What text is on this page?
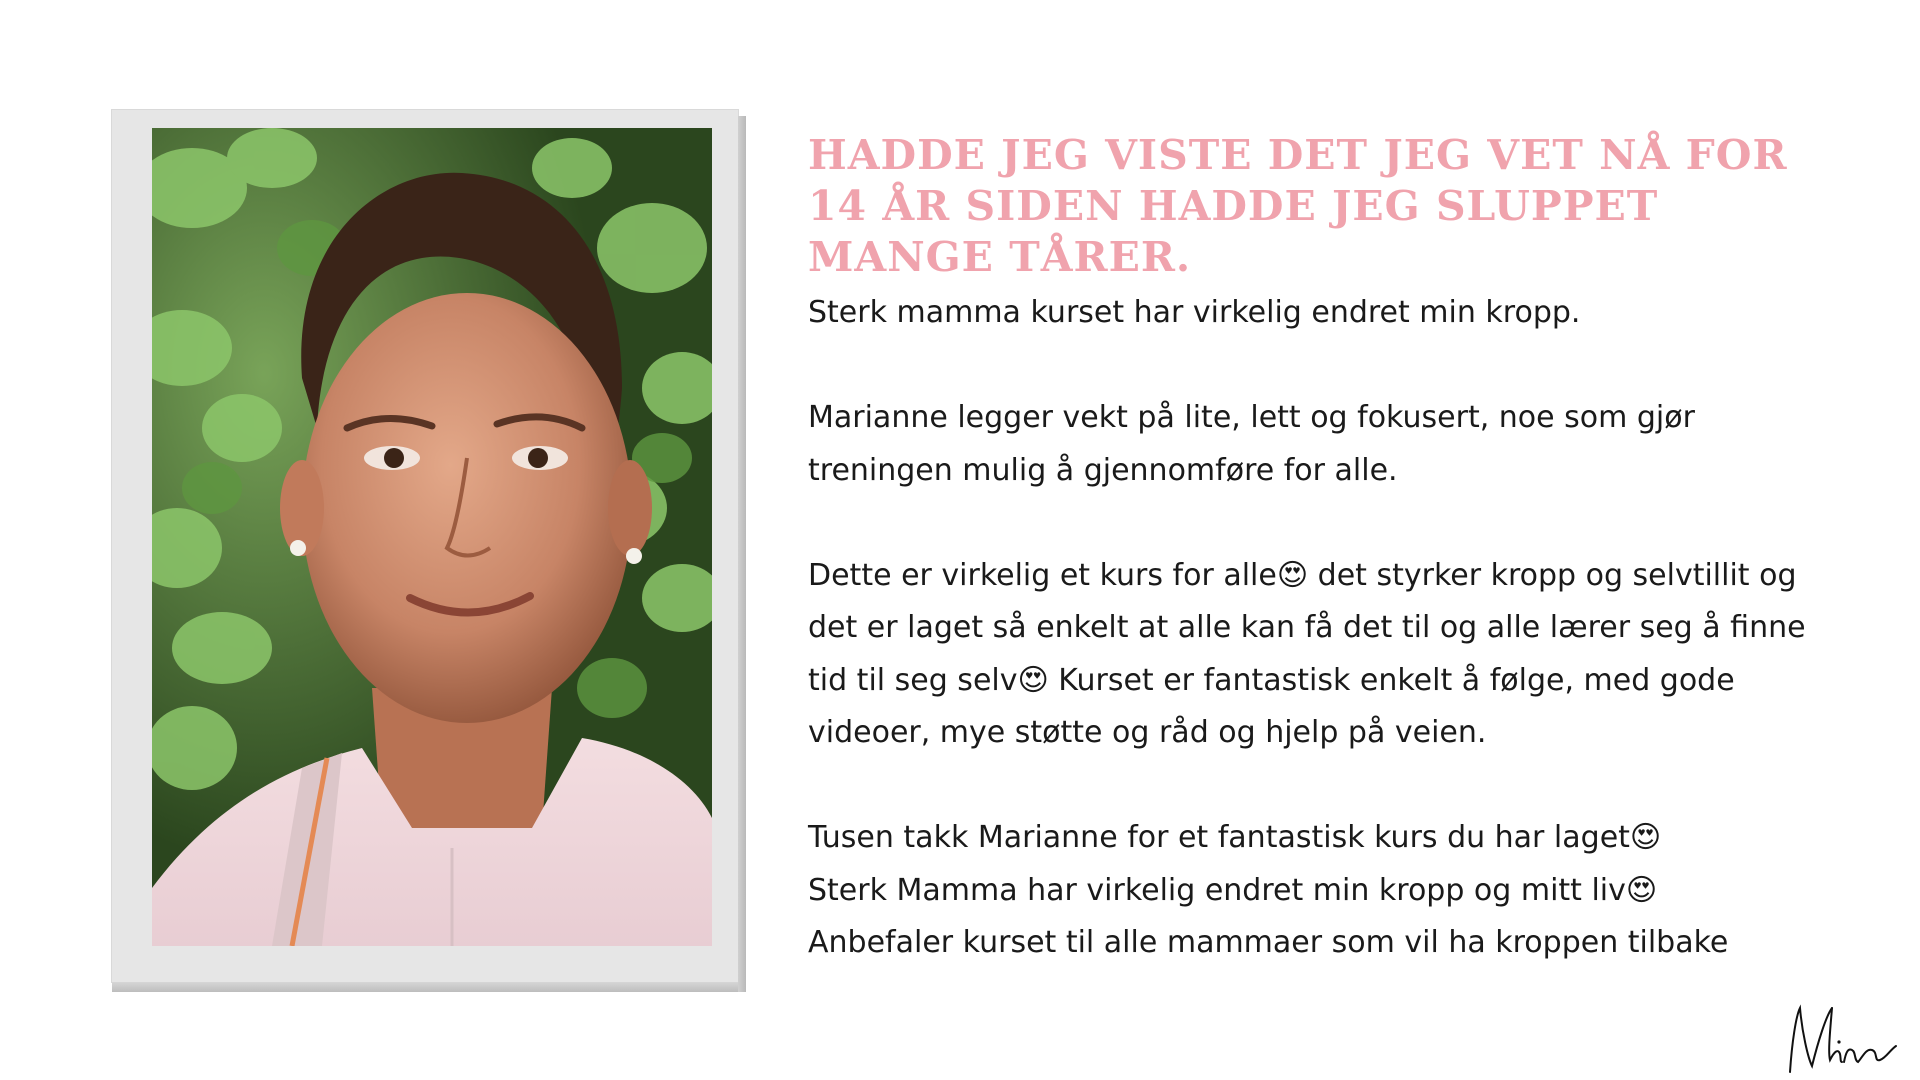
HADDE JEG VISTE DET JEG VET NÅ FOR 14 ÅR SIDEN HADDE JEG SLUPPET MANGE TÅRER.

Sterk mamma kurset har virkelig endret min kropp.

Marianne legger vekt på lite, lett og fokusert, noe som gjør treningen mulig å gjennomføre for alle.

Dette er virkelig et kurs for alle😍 det styrker kropp og selvtillit og det er laget så enkelt at alle kan få det til og alle lærer seg å finne tid til seg selv😍 Kurset er fantastisk enkelt å følge, med gode videoer, mye støtte og råd og hjelp på veien.

Tusen takk Marianne for et fantastisk kurs du har laget😍

Sterk Mamma har virkelig endret min kropp og mitt liv😍

Anbefaler kurset til alle mammaer som vil ha kroppen tilbake
